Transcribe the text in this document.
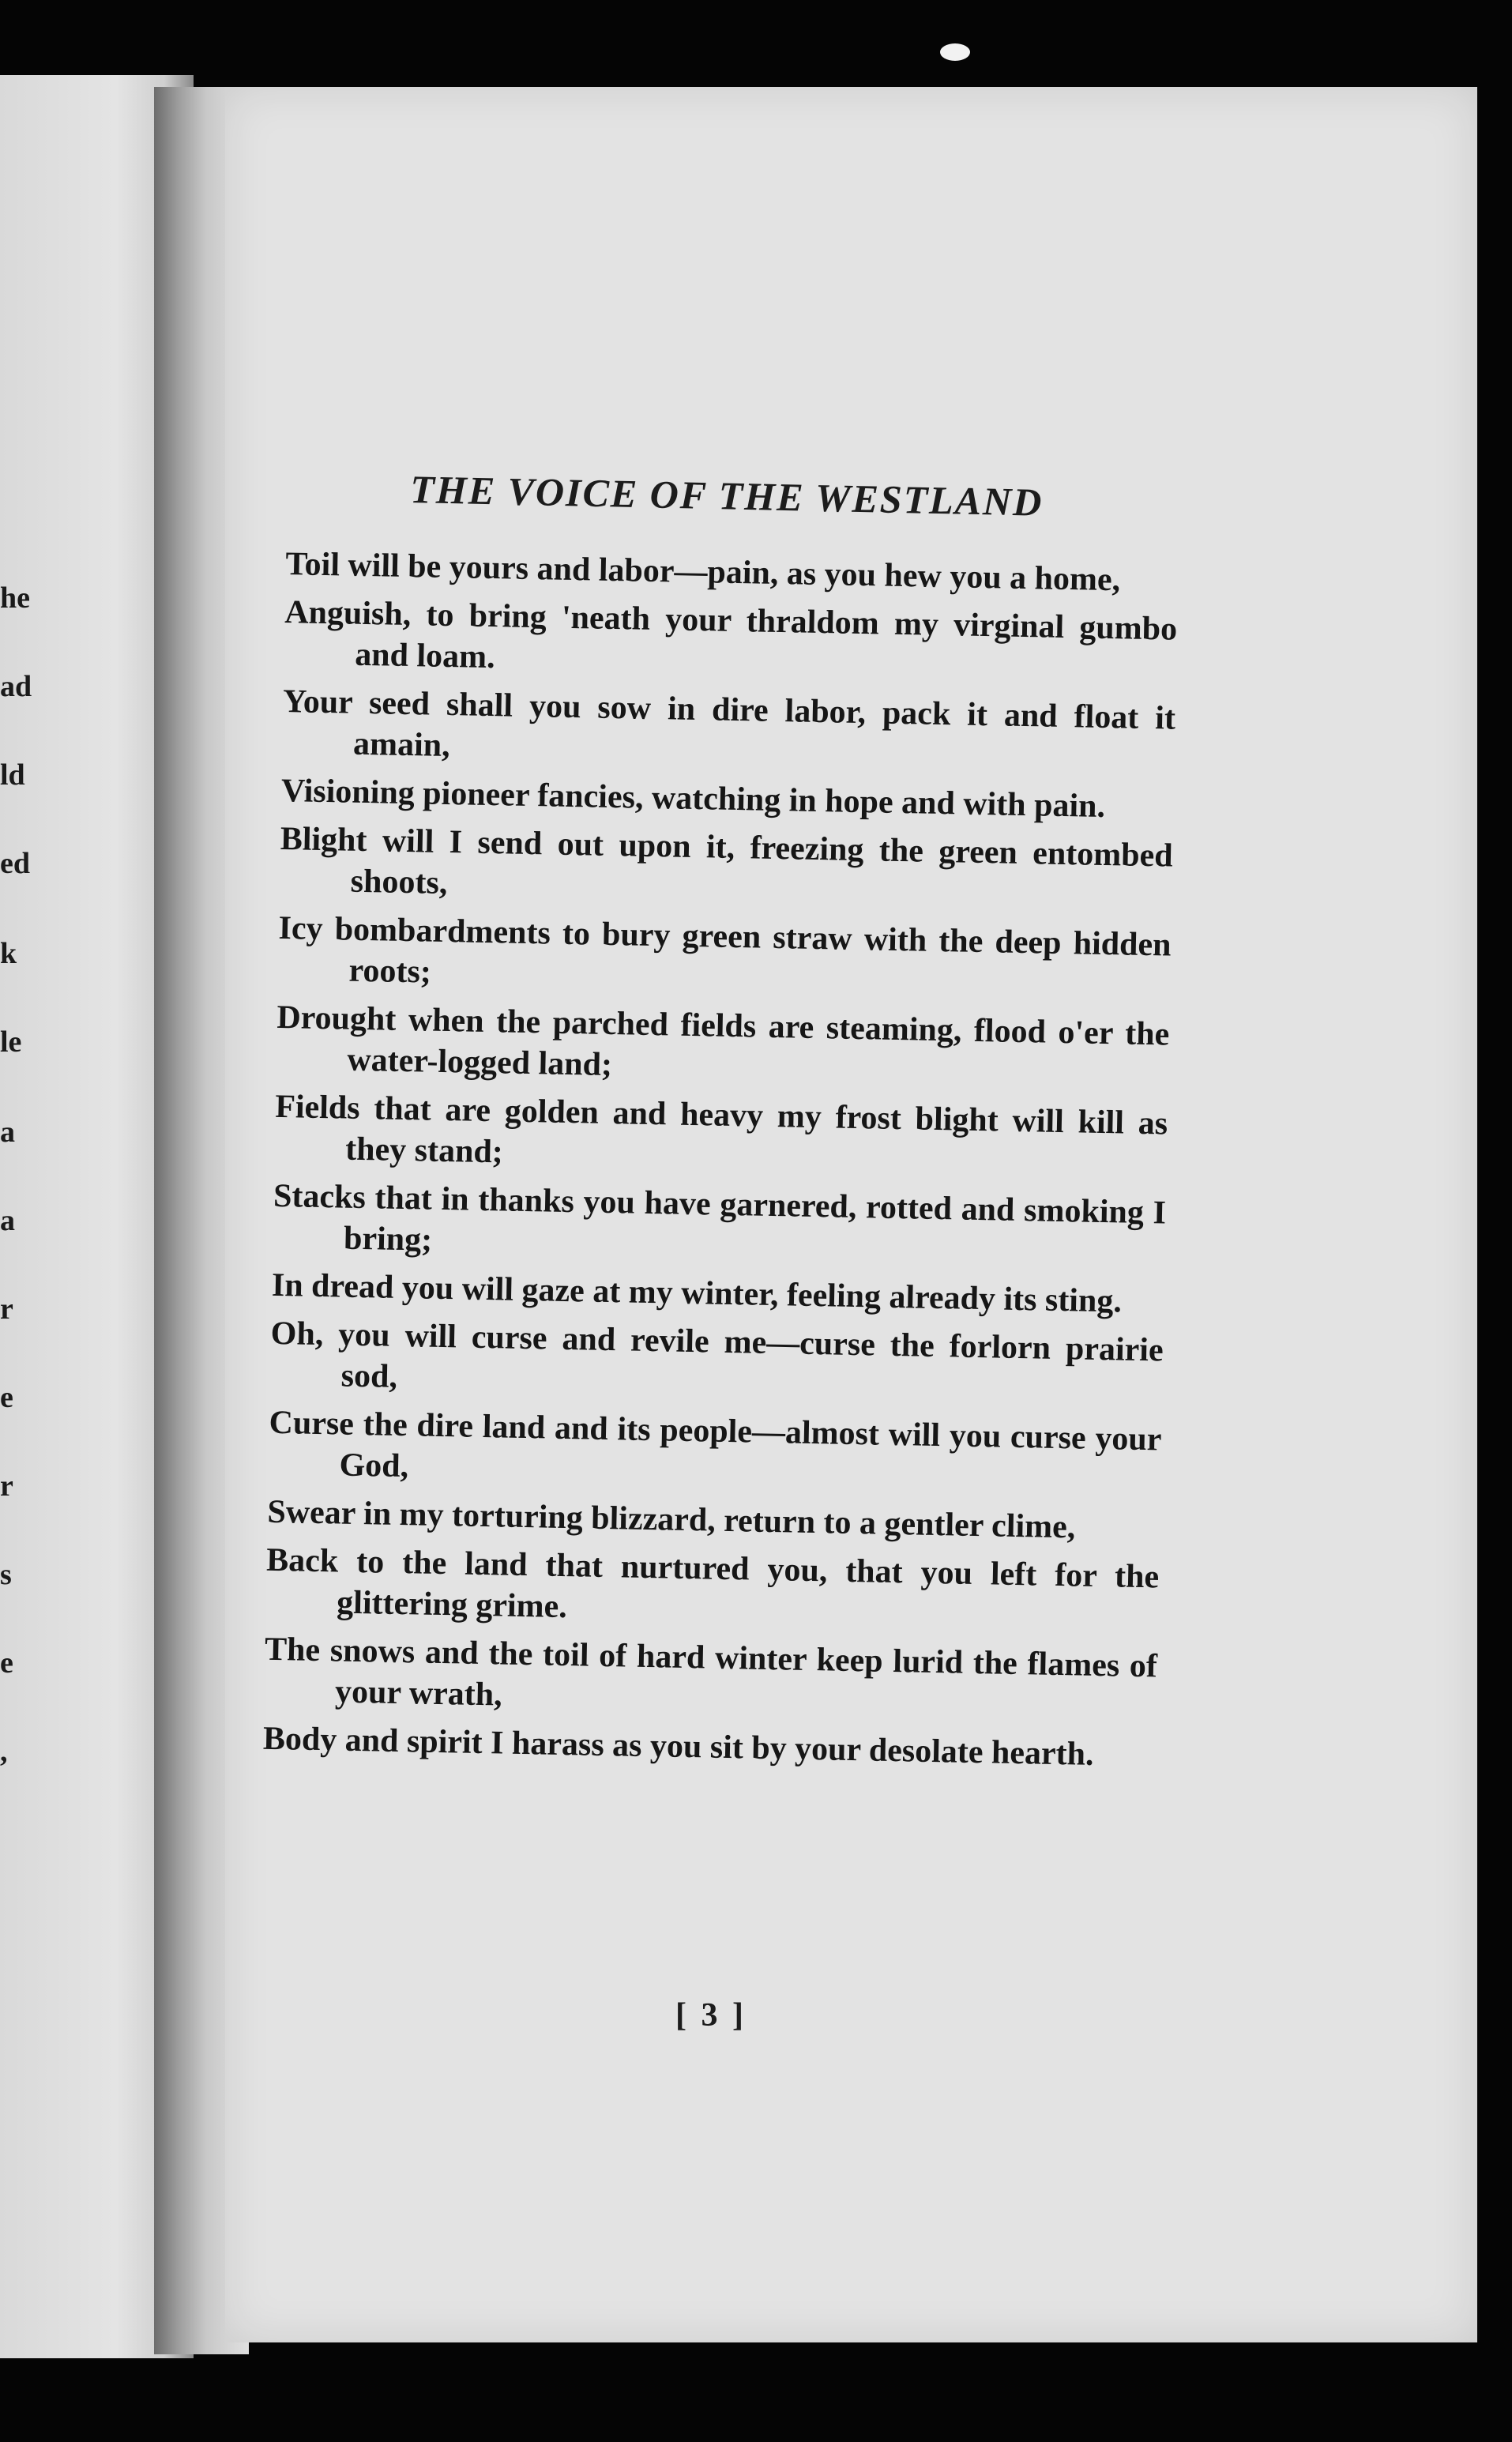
he
ad
ld
ed
k
le
a
a
r
e
r
s
e
,
THE VOICE OF THE WESTLAND
Toil will be yours and labor—pain, as you hew you a home,
Anguish, to bring 'neath your thraldom my virginal gumbo and loam.
Your seed shall you sow in dire labor, pack it and float it amain,
Visioning pioneer fancies, watching in hope and with pain.
Blight will I send out upon it, freezing the green entombed shoots,
Icy bombardments to bury green straw with the deep hidden roots;
Drought when the parched fields are steaming, flood o'er the water-logged land;
Fields that are golden and heavy my frost blight will kill as they stand;
Stacks that in thanks you have garnered, rotted and smoking I bring;
In dread you will gaze at my winter, feeling already its sting.
Oh, you will curse and revile me—curse the forlorn prairie sod,
Curse the dire land and its people—almost will you curse your God,
Swear in my torturing blizzard, return to a gentler clime,
Back to the land that nurtured you, that you left for the glittering grime.
The snows and the toil of hard winter keep lurid the flames of your wrath,
Body and spirit I harass as you sit by your desolate hearth.
[ 3 ]
